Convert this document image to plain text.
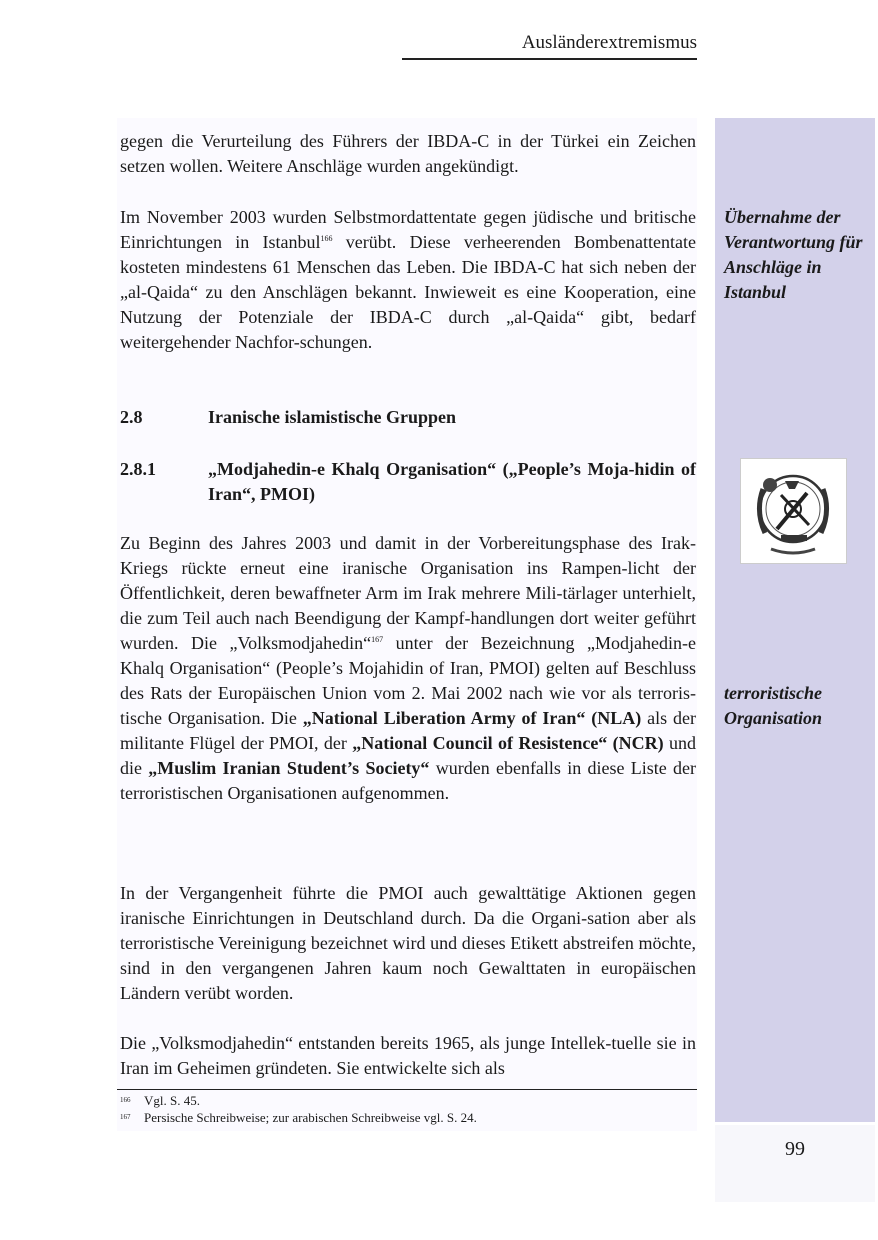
Ausländerextremismus
99

gegen die Verurteilung des Führers der IBDA-C in der Türkei ein Zeichen setzen wollen. Weitere Anschläge wurden angekündigt.

Im November 2003 wurden Selbstmordattentate gegen jüdische und britische Einrichtungen in Istanbul$^{166}$ verübt. Diese verheerenden Bombenattentate kosteten mindestens 61 Menschen das Leben. Die IBDA-C hat sich neben der „al-Qaida“ zu den Anschlägen bekannt. Inwieweit es eine Kooperation, eine Nutzung der Potenziale der IBDA-C durch „al-Qaida“ gibt, bedarf weitergehender Nachfor-schungen.

2.8	Iranische islamistische Gruppen
2.8.1	„Modjahedin-e Khalq Organisation“ („People’s Moja-hidin of Iran“, PMOI)

Zu Beginn des Jahres 2003 und damit in der Vorbereitungsphase des Irak-Kriegs rückte erneut eine iranische Organisation ins Rampen-licht der Öffentlichkeit, deren bewaffneter Arm im Irak mehrere Mili-tärlager unterhielt, die zum Teil auch nach Beendigung der Kampf-handlungen dort weiter geführt wurden. Die „Volksmodjahedin“$^{167}$ unter der Bezeichnung „Modjahedin-e Khalq Organisation“ (People’s Mojahidin of Iran, PMOI) gelten auf Beschluss des Rats der Europäischen Union vom 2. Mai 2002 nach wie vor als terroris-tische Organisation. Die „National Liberation Army of Iran“ (NLA) als der militante Flügel der PMOI, der „National Council of Resistence“ (NCR) und die „Muslim Iranian Student’s Society“ wurden ebenfalls in diese Liste der terroristischen Organisationen aufgenommen.

In der Vergangenheit führte die PMOI auch gewalttätige Aktionen gegen iranische Einrichtungen in Deutschland durch. Da die Organi-sation aber als terroristische Vereinigung bezeichnet wird und dieses Etikett abstreifen möchte, sind in den vergangenen Jahren kaum noch Gewalttaten in europäischen Ländern verübt worden.

Die „Volksmodjahedin“ entstanden bereits 1965, als junge Intellek-tuelle sie in Iran im Geheimen gründeten. Sie entwickelte sich als

Übernahme der Verantwortung für Anschläge in Istanbul
terroristische Organisation
166 Vgl. S. 45.
167 Persische Schreibweise; zur arabischen Schreibweise vgl. S. 24.
